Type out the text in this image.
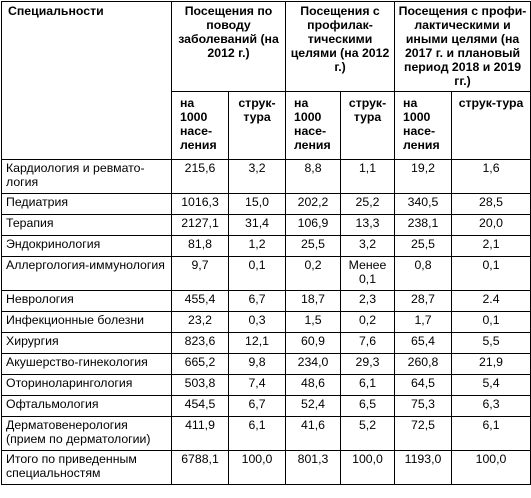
Специальности	Посещения по поводу заболеваний (на 2012 г.)		Посещения с профилак-тическими целями (на 2012 г.)		Посещения с профи-лактическими и иными целями (на 2017 г. и плановый период 2018 и 2019 гг.)	
	на 1000 насе-ления	струк-тура	на 1000 насе-ления	струк-тура	на 1000 насе-ления	струк-тура
Кардиология и ревмато-логия	215,6	3,2	8,8	1,1	19,2	1,6
Педиатрия	1016,3	15,0	202,2	25,2	340,5	28,5
Терапия	2127,1	31,4	106,9	13,3	238,1	20,0
Эндокринология	81,8	1,2	25,5	3,2	25,5	2,1
Аллергология-иммунология	9,7	0,1	0,2	Менее 0,1	0,8	0,1
Неврология	455,4	6,7	18,7	2,3	28,7	2.4
Инфекционные болезни	23,2	0,3	1,5	0,2	1,7	0,1
Хирургия	823,6	12,1	60,9	7,6	65,4	5,5
Акушерство-гинекология	665,2	9,8	234,0	29,3	260,8	21,9
Оториноларингология	503,8	7,4	48,6	6,1	64,5	5,4
Офтальмология	454,5	6,7	52,4	6,5	75,3	6,3
Дерматовенерология (прием по дерматологии)	411,9	6,1	41,6	5,2	72,5	6,1
Итого по приведенным специальностям	6788,1	100,0	801,3	100,0	1193,0	100,0
